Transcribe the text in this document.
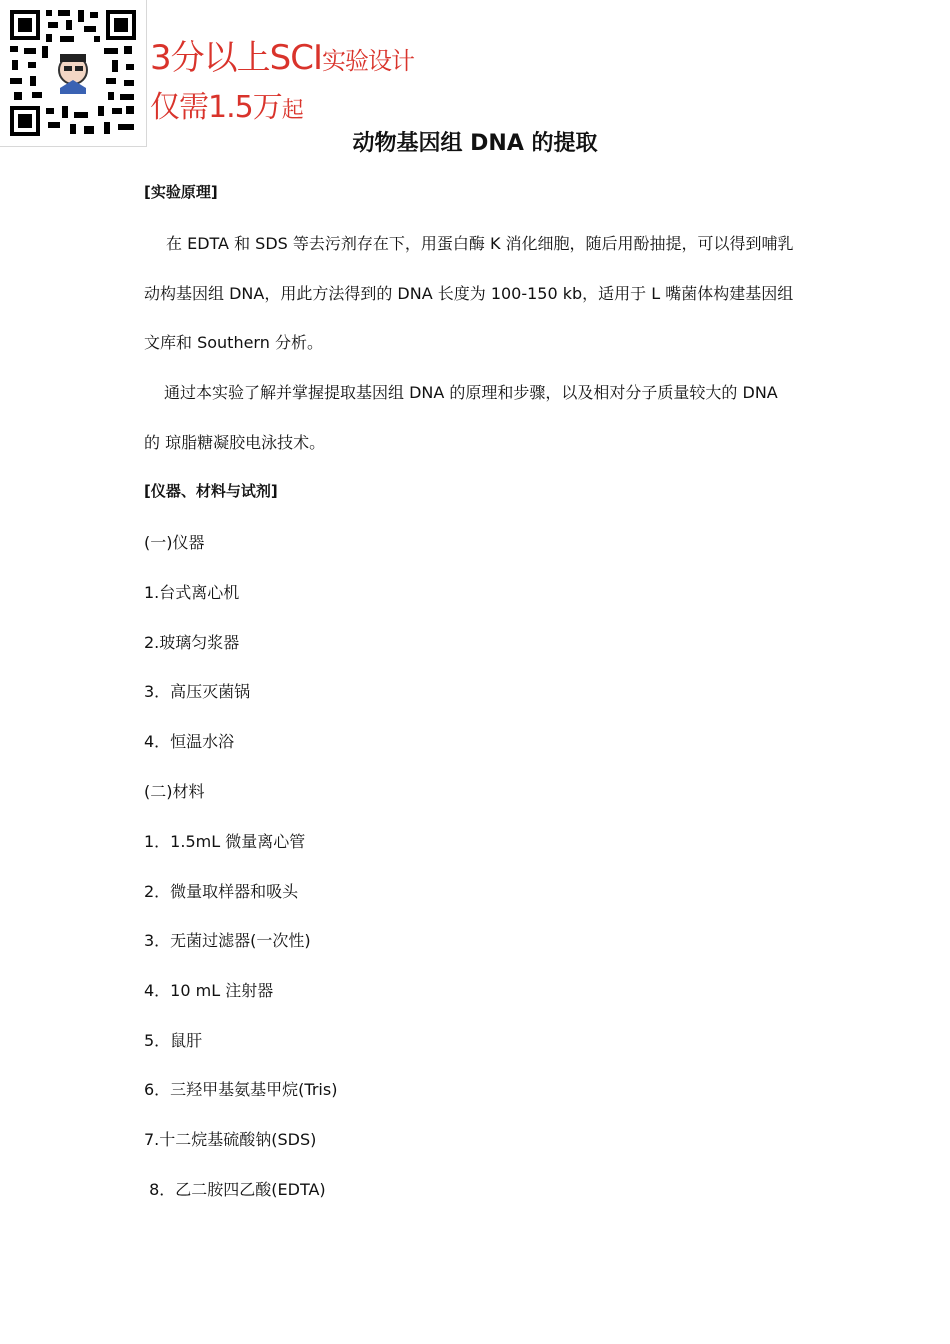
3分以上SCI实验设计
仅需1.5万起
动物基因组 DNA 的提取
[实验原理]
在 EDTA 和 SDS 等去污剂存在下，用蛋白酶 K 消化细胞，随后用酚抽提，可以得到哺乳
动构基因组 DNA，用此方法得到的 DNA 长度为 100-150 kb，适用于 L 嘴菌体构建基因组
文库和 Southern 分析。
通过本实验了解并掌握提取基因组 DNA 的原理和步骤，以及相对分子质量较大的 DNA
的 琼脂糖凝胶电泳技术。
[仪器、材料与试剂]
(一)仪器
1.台式离心机
2.玻璃匀浆器
3．高压灭菌锅
4．恒温水浴
(二)材料
1．1.5mL 微量离心管
2．微量取样器和吸头
3．无菌过滤器(一次性)
4．10 mL 注射器
5．鼠肝
6．三羟甲基氨基甲烷(Tris)
7.十二烷基硫酸钠(SDS)
8．乙二胺四乙酸(EDTA)
